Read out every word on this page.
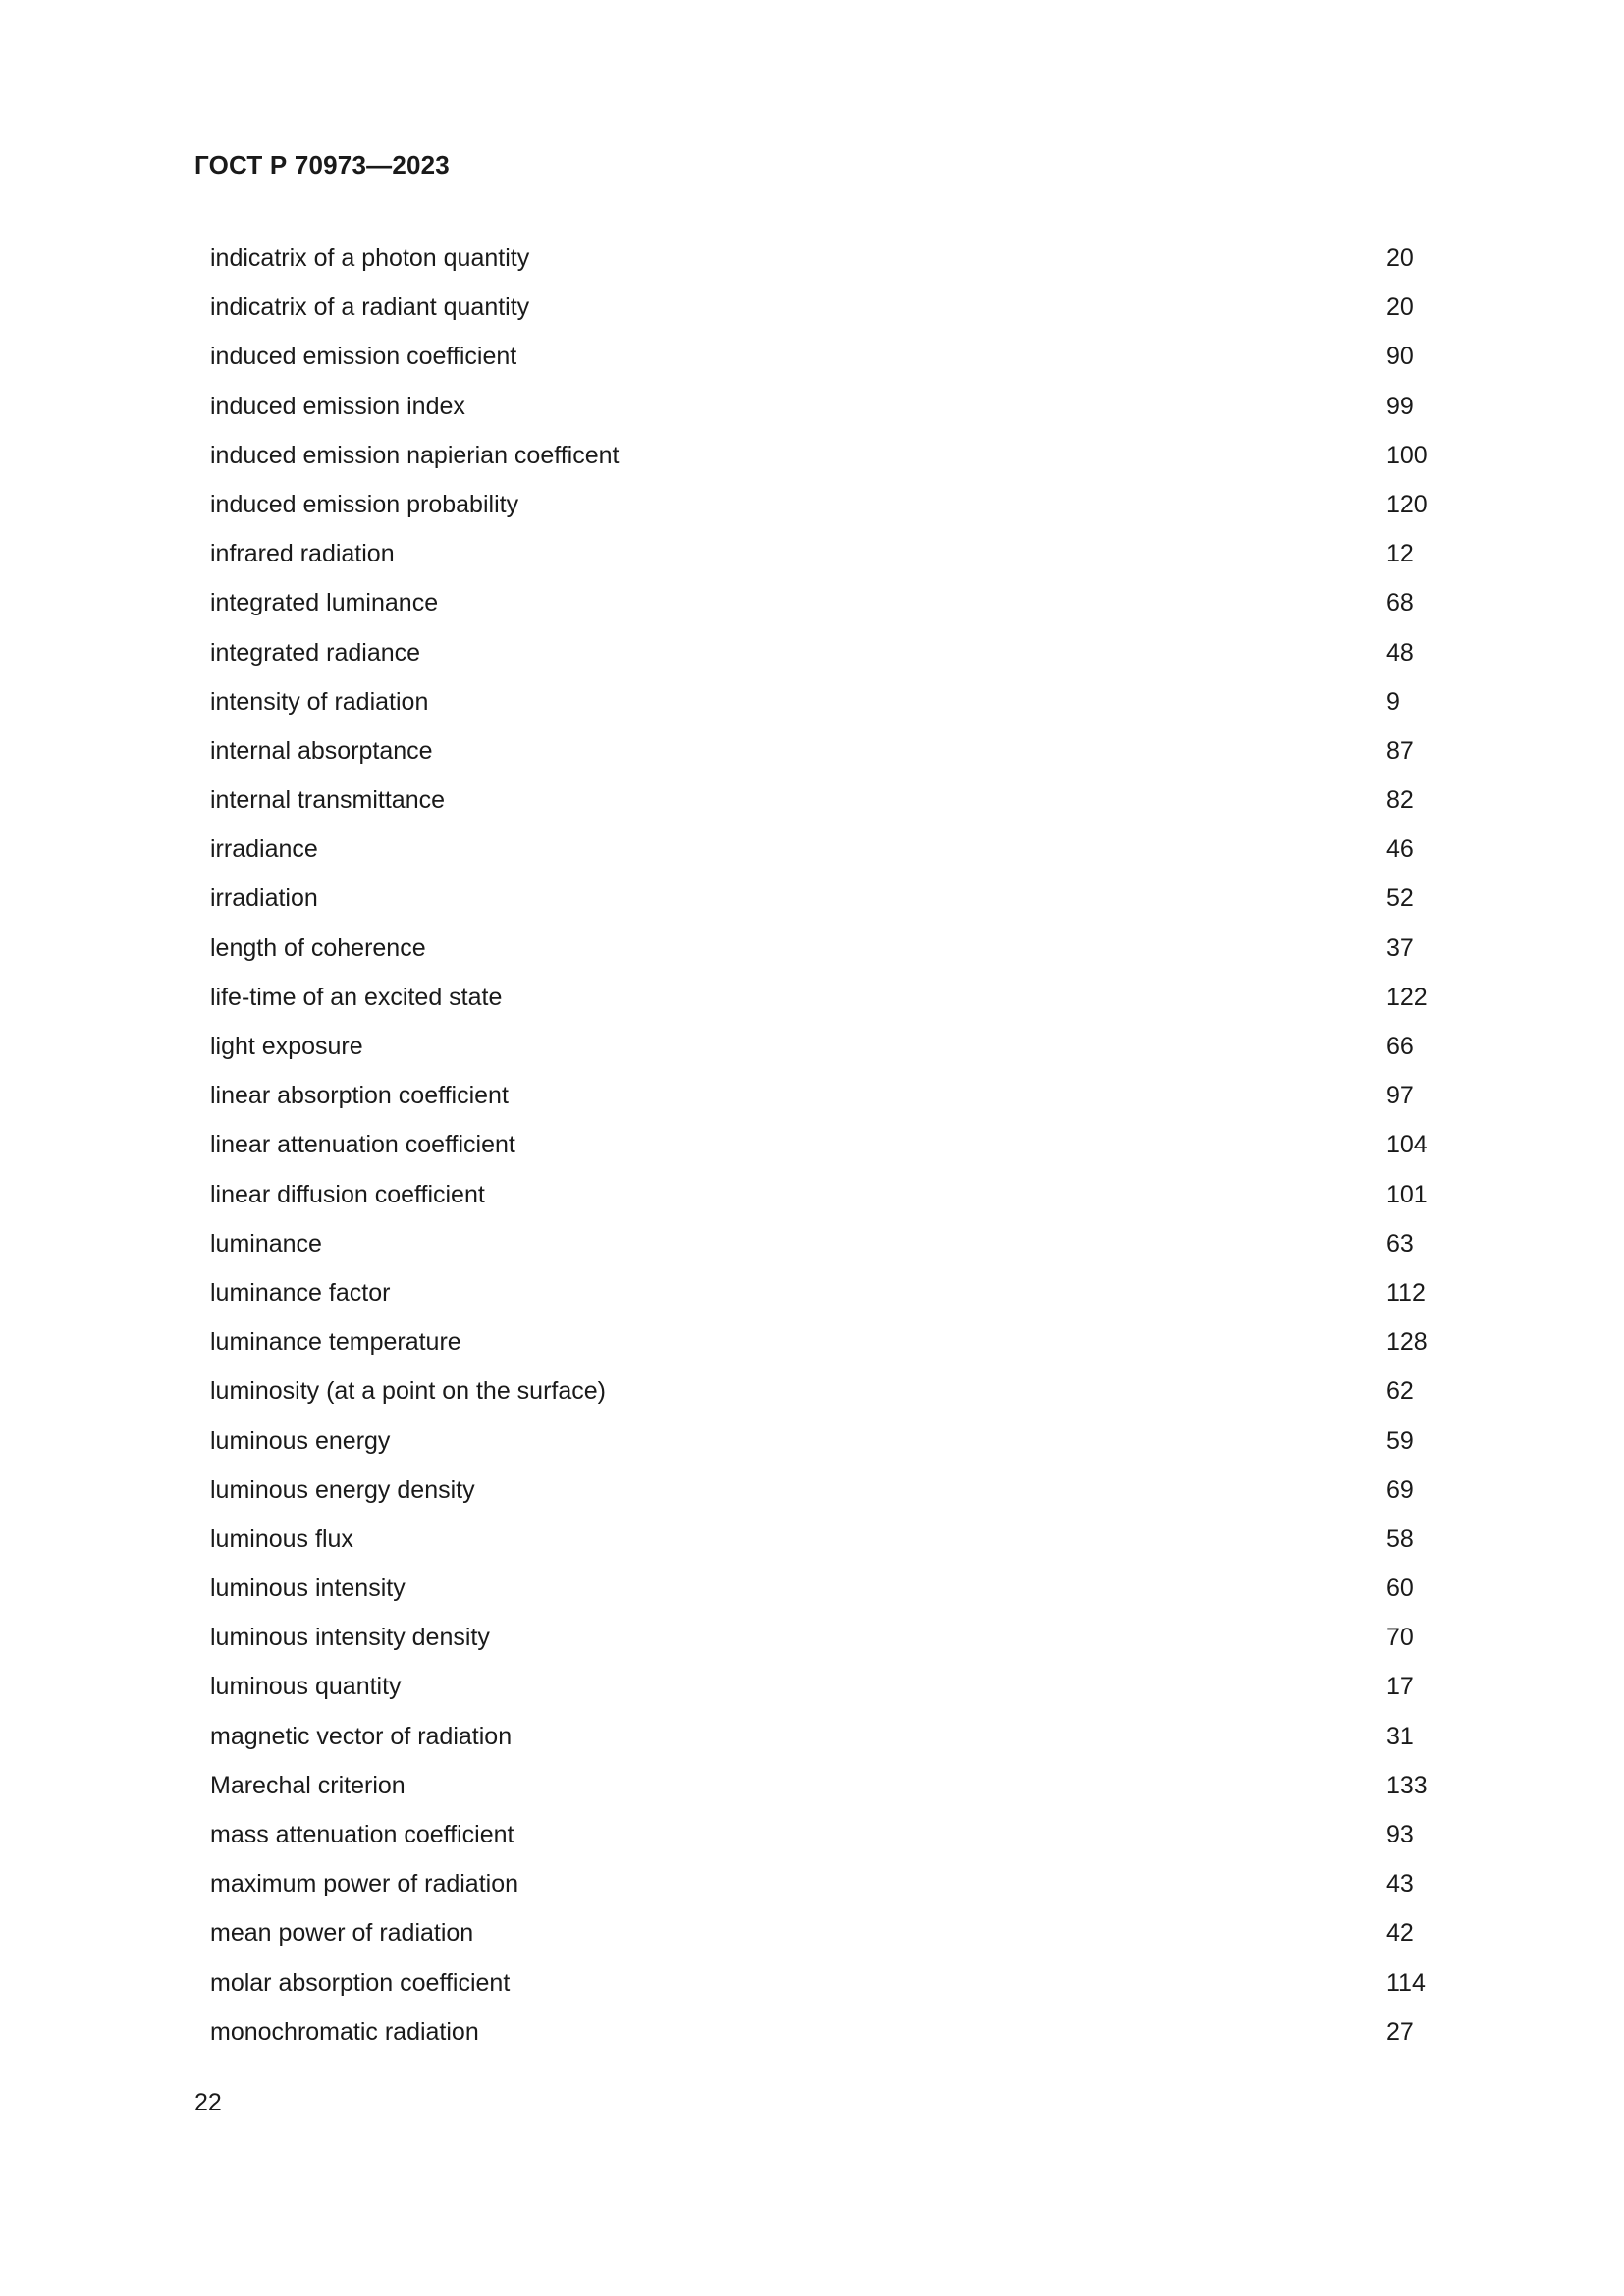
ГОСТ Р 70973—2023
indicatrix of a photon quantity	20
indicatrix of a radiant quantity	20
induced emission coefficient	90
induced emission index	99
induced emission napierian coefficent	100
induced emission probability	120
infrared radiation	12
integrated luminance	68
integrated radiance	48
intensity of radiation	9
internal absorptance	87
internal transmittance	82
irradiance	46
irradiation	52
length of coherence	37
life-time of an excited state	122
light exposure	66
linear absorption coefficient	97
linear attenuation coefficient	104
linear diffusion coefficient	101
luminance	63
luminance factor	112
luminance temperature	128
luminosity (at a point on the surface)	62
luminous energy	59
luminous energy density	69
luminous flux	58
luminous intensity	60
luminous intensity density	70
luminous quantity	17
magnetic vector of radiation	31
Marechal criterion	133
mass attenuation coefficient	93
maximum power of radiation	43
mean power of radiation	42
molar absorption coefficient	114
monochromatic radiation	27
22
